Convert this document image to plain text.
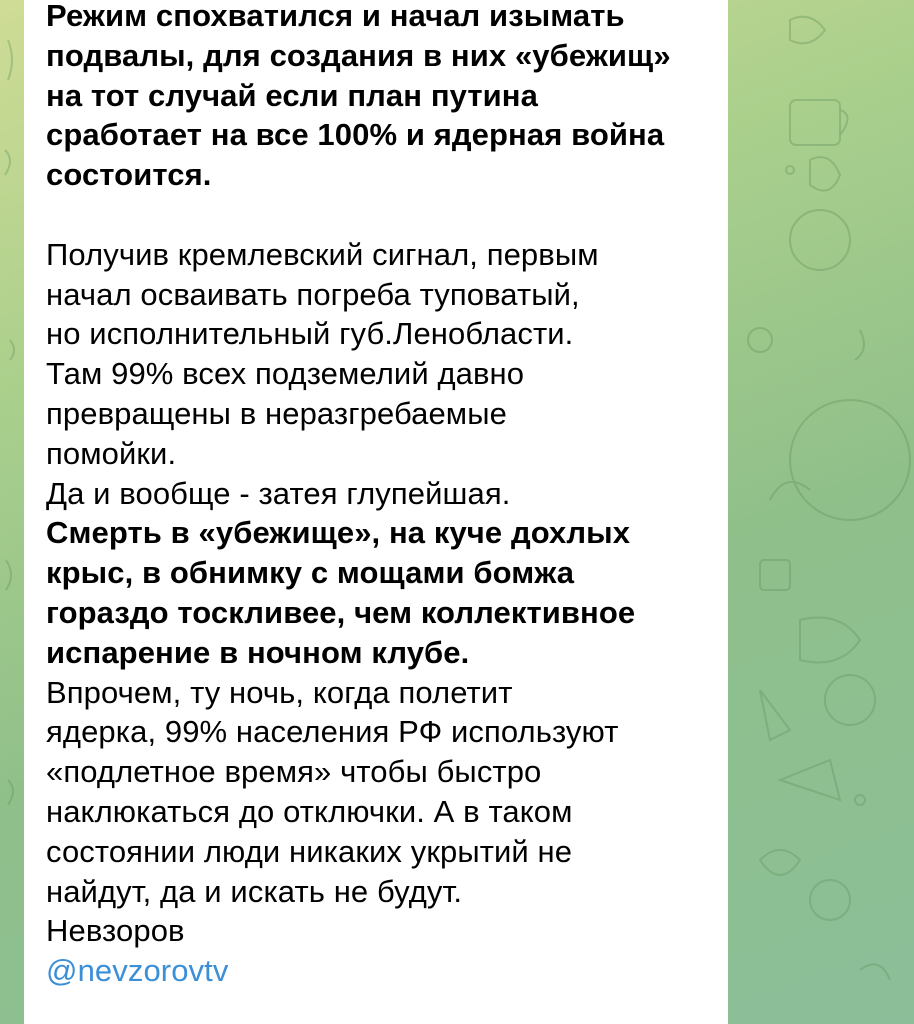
Режим спохватился и начал изымать
подвалы, для создания в них «убежищ»
на тот случай если план путина
сработает на все 100% и ядерная война
состоится.
Получив кремлевский сигнал, первым
начал осваивать погреба туповатый,
но исполнительный губ.Ленобласти.
Там 99% всех подземелий давно
превращены в неразгребаемые
помойки.
Да и вообще - затея глупейшая.
Смерть в «убежище», на куче дохлых
крыс, в обнимку с мощами бомжа
гораздо тоскливее, чем коллективное
испарение в ночном клубе.
Впрочем, ту ночь, когда полетит
ядерка, 99% населения РФ используют
«подлетное время» чтобы быстро
наклюкаться до отключки. А в таком
состоянии люди никаких укрытий не
найдут, да и искать не будут.
Невзоров
@nevzorovtv
